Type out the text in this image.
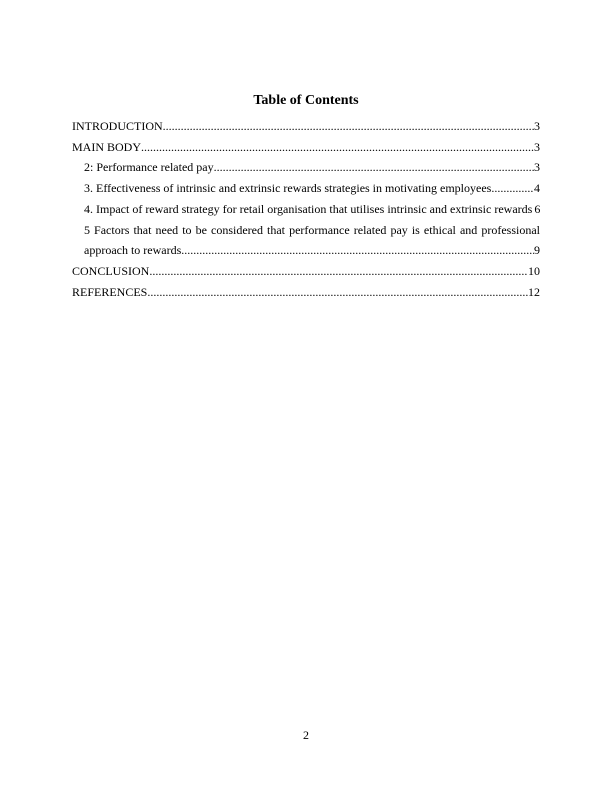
Table of Contents
INTRODUCTION .....	3
MAIN BODY .....	3
2: Performance related pay .....	3
3. Effectiveness of intrinsic and extrinsic rewards strategies in motivating employees .....	4
4. Impact of reward strategy for retail organisation that utilises intrinsic and extrinsic rewards 6
5 Factors that need to be considered that performance related pay is ethical and professional
approach to rewards .....	9
CONCLUSION .....	10
REFERENCES .....	12
2
